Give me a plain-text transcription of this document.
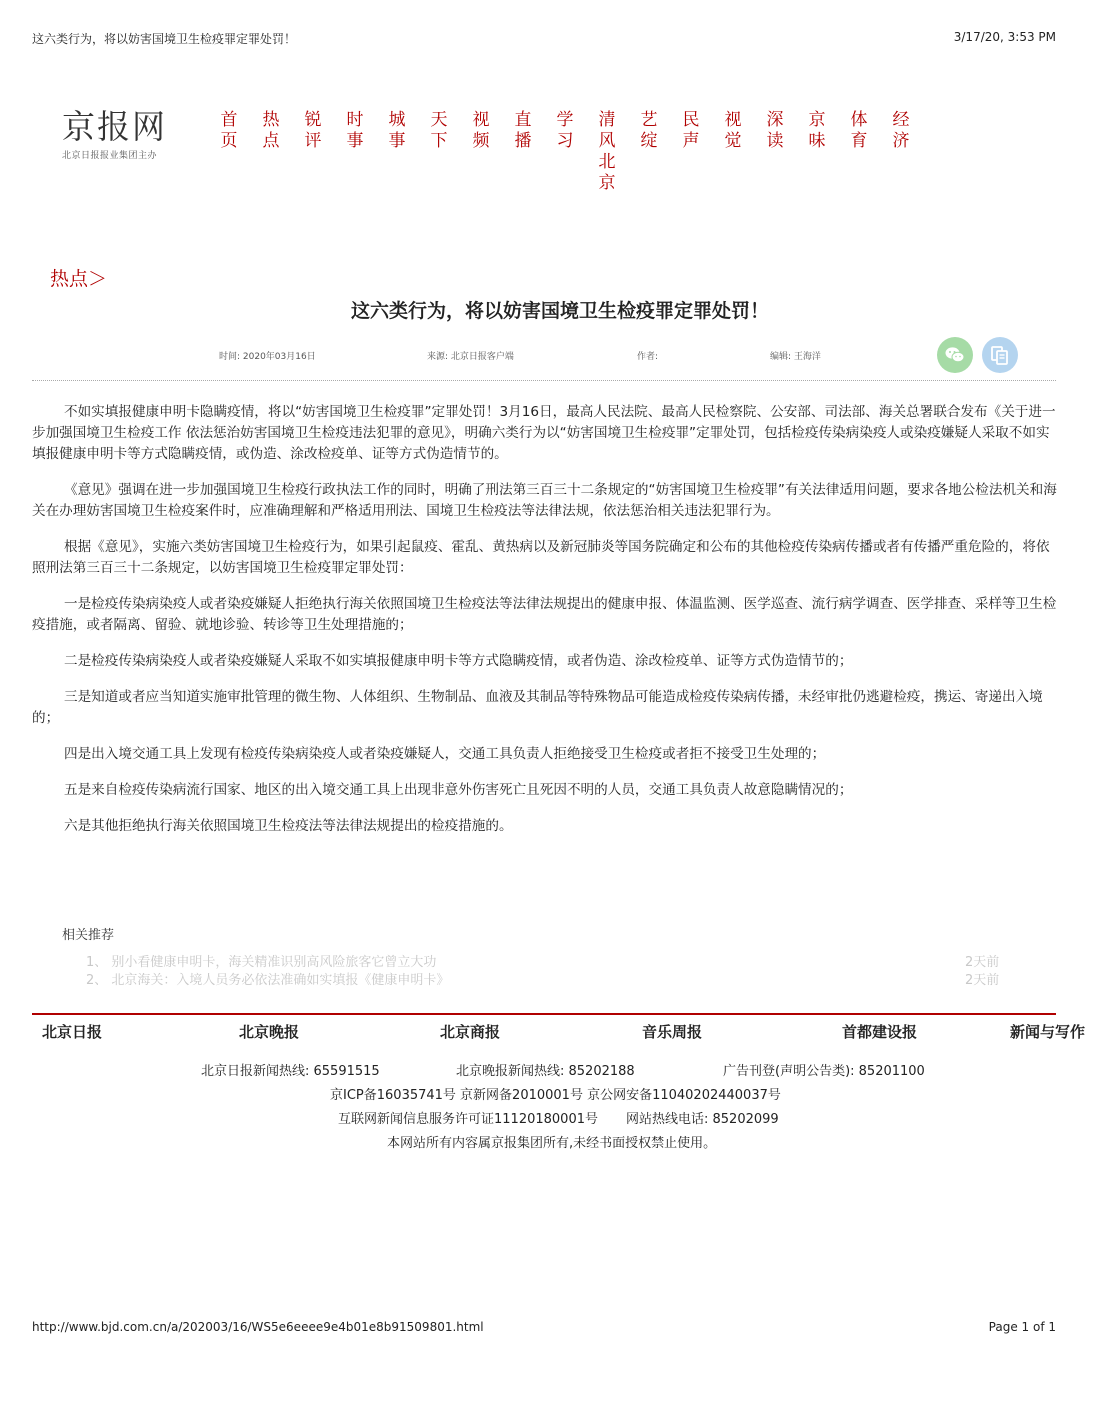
这六类行为，将以妨害国境卫生检疫罪定罪处罚！	3/17/20, 3:53 PM
京报网
北京日报报业集团主办
首
页
热
点
锐
评
时
事
城
事
天
下
视
频
直
播
学
习
清
风
北
京
艺
绽
民
声
视
觉
深
读
京
味
体
育
经
济
热点＞
这六类行为，将以妨害国境卫生检疫罪定罪处罚！
时间: 2020年03月16日	来源: 北京日报客户端	作者:	编辑: 王海洋

不如实填报健康申明卡隐瞒疫情，将以“妨害国境卫生检疫罪”定罪处罚！3月16日，最高人民法院、最高人民检察院、公安部、司法部、海关总署联合发布《关于进一步加强国境卫生检疫工作 依法惩治妨害国境卫生检疫违法犯罪的意见》，明确六类行为以“妨害国境卫生检疫罪”定罪处罚，包括检疫传染病染疫人或染疫嫌疑人采取不如实填报健康申明卡等方式隐瞒疫情，或伪造、涂改检疫单、证等方式伪造情节的。

《意见》强调在进一步加强国境卫生检疫行政执法工作的同时，明确了刑法第三百三十二条规定的“妨害国境卫生检疫罪”有关法律适用问题，要求各地公检法机关和海关在办理妨害国境卫生检疫案件时，应准确理解和严格适用刑法、国境卫生检疫法等法律法规，依法惩治相关违法犯罪行为。

根据《意见》，实施六类妨害国境卫生检疫行为，如果引起鼠疫、霍乱、黄热病以及新冠肺炎等国务院确定和公布的其他检疫传染病传播或者有传播严重危险的，将依照刑法第三百三十二条规定，以妨害国境卫生检疫罪定罪处罚：

一是检疫传染病染疫人或者染疫嫌疑人拒绝执行海关依照国境卫生检疫法等法律法规提出的健康申报、体温监测、医学巡查、流行病学调查、医学排查、采样等卫生检疫措施，或者隔离、留验、就地诊验、转诊等卫生处理措施的；

二是检疫传染病染疫人或者染疫嫌疑人采取不如实填报健康申明卡等方式隐瞒疫情，或者伪造、涂改检疫单、证等方式伪造情节的；

三是知道或者应当知道实施审批管理的微生物、人体组织、生物制品、血液及其制品等特殊物品可能造成检疫传染病传播，未经审批仍逃避检疫，携运、寄递出入境的；

四是出入境交通工具上发现有检疫传染病染疫人或者染疫嫌疑人，交通工具负责人拒绝接受卫生检疫或者拒不接受卫生处理的；

五是来自检疫传染病流行国家、地区的出入境交通工具上出现非意外伤害死亡且死因不明的人员，交通工具负责人故意隐瞒情况的；

六是其他拒绝执行海关依照国境卫生检疫法等法律法规提出的检疫措施的。

相关推荐
1、 别小看健康申明卡，海关精准识别高风险旅客它曾立大功	2天前
2、 北京海关：入境人员务必依法准确如实填报《健康申明卡》	2天前
北京日报	北京晚报	北京商报	音乐周报	首都建设报	新闻与写作
北京日报新闻热线: 65591515	北京晚报新闻热线: 85202188	广告刊登(声明公告类): 85201100
京ICP备16035741号 京新网备2010001号 京公网安备11040202440037号
互联网新闻信息服务许可证11120180001号 网站热线电话: 85202099
本网站所有内容属京报集团所有,未经书面授权禁止使用。
http://www.bjd.com.cn/a/202003/16/WS5e6eeee9e4b01e8b91509801.html	Page 1 of 1
